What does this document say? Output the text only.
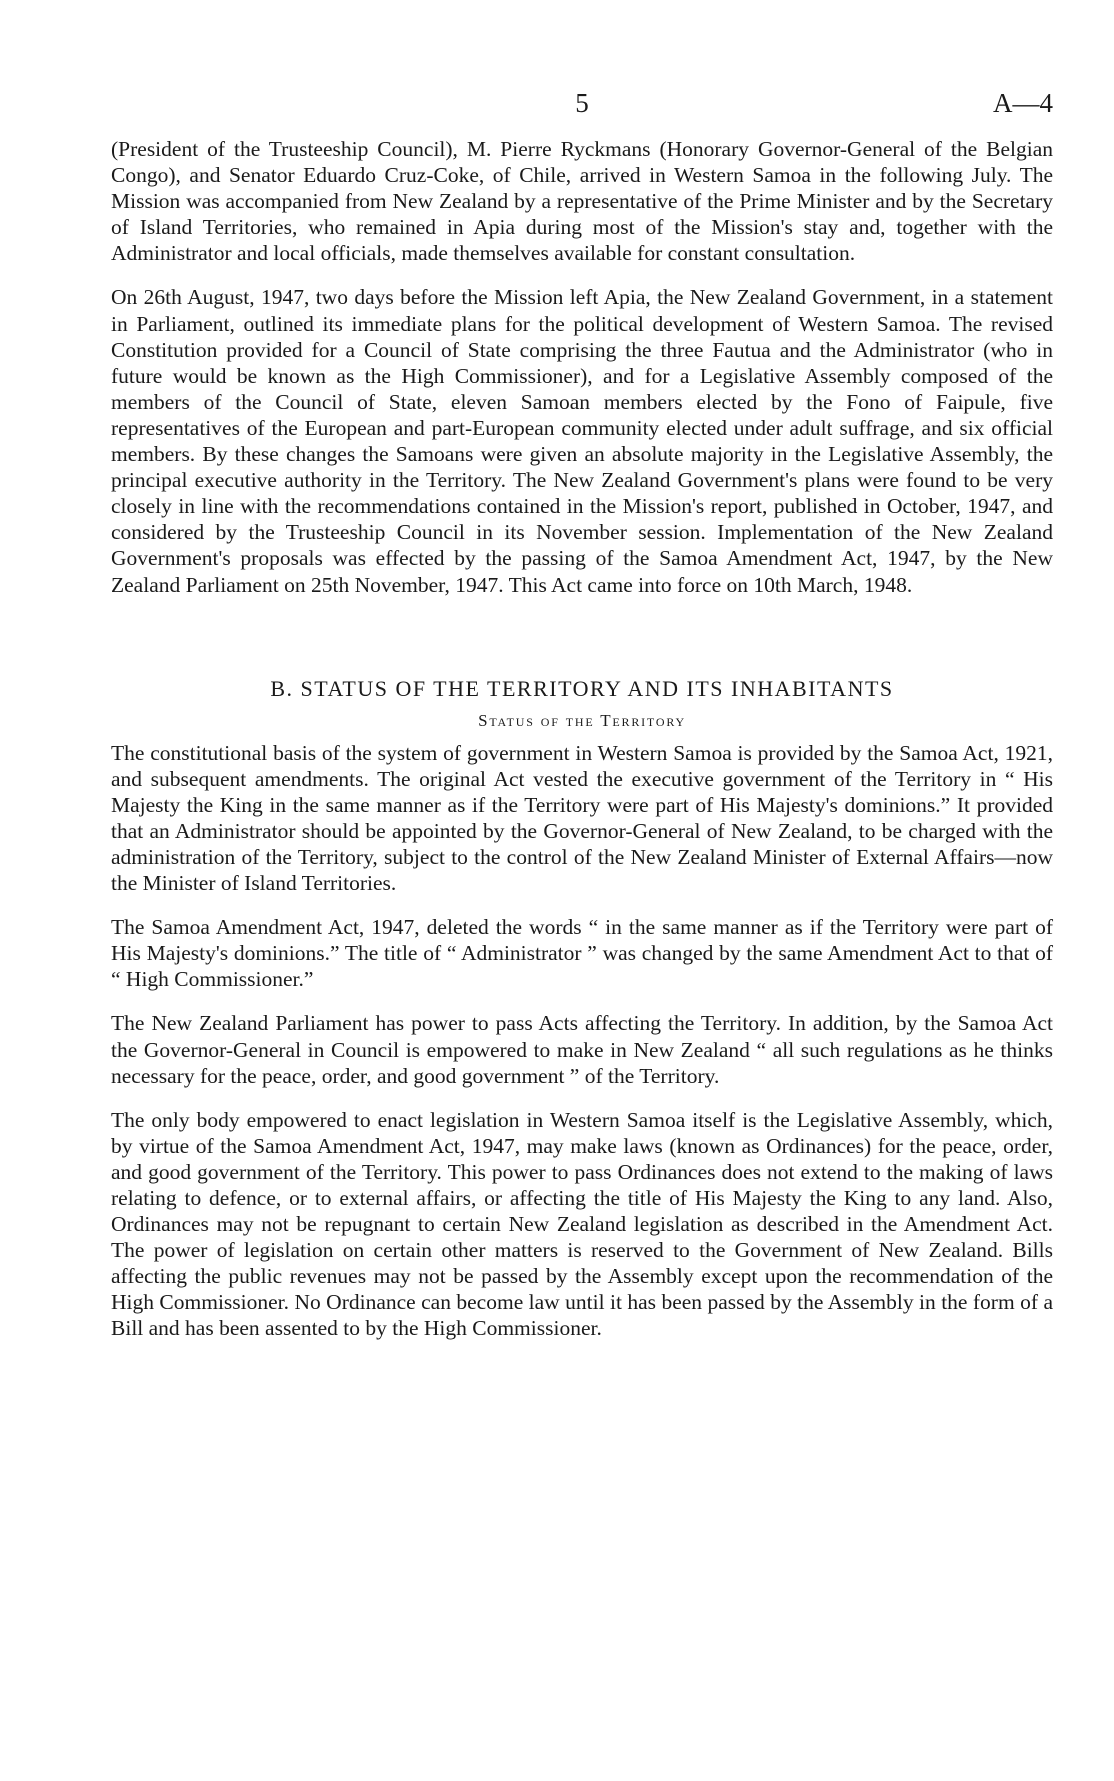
5	A—4

(President of the Trusteeship Council), M. Pierre Ryckmans (Honorary Governor-General of the Belgian Congo), and Senator Eduardo Cruz-Coke, of Chile, arrived in Western Samoa in the following July. The Mission was accompanied from New Zealand by a representative of the Prime Minister and by the Secretary of Island Territories, who remained in Apia during most of the Mission's stay and, together with the Administrator and local officials, made themselves available for constant consultation.

On 26th August, 1947, two days before the Mission left Apia, the New Zealand Government, in a statement in Parliament, outlined its immediate plans for the political development of Western Samoa. The revised Constitution provided for a Council of State comprising the three Fautua and the Administrator (who in future would be known as the High Commissioner), and for a Legislative Assembly composed of the members of the Council of State, eleven Samoan members elected by the Fono of Faipule, five representatives of the European and part-European community elected under adult suffrage, and six official members. By these changes the Samoans were given an absolute majority in the Legislative Assembly, the principal executive authority in the Territory. The New Zealand Government's plans were found to be very closely in line with the recommendations contained in the Mission's report, published in October, 1947, and considered by the Trusteeship Council in its November session. Implementation of the New Zealand Government's proposals was effected by the passing of the Samoa Amendment Act, 1947, by the New Zealand Parliament on 25th November, 1947. This Act came into force on 10th March, 1948.

B. STATUS OF THE TERRITORY AND ITS INHABITANTS
Status of the Territory

The constitutional basis of the system of government in Western Samoa is provided by the Samoa Act, 1921, and subsequent amendments. The original Act vested the executive government of the Territory in “ His Majesty the King in the same manner as if the Territory were part of His Majesty's dominions.” It provided that an Administrator should be appointed by the Governor-General of New Zealand, to be charged with the administration of the Territory, subject to the control of the New Zealand Minister of External Affairs—now the Minister of Island Territories.

The Samoa Amendment Act, 1947, deleted the words “ in the same manner as if the Territory were part of His Majesty's dominions.” The title of “ Administrator ” was changed by the same Amendment Act to that of “ High Commissioner.”

The New Zealand Parliament has power to pass Acts affecting the Territory. In addition, by the Samoa Act the Governor-General in Council is empowered to make in New Zealand “ all such regulations as he thinks necessary for the peace, order, and good government ” of the Territory.

The only body empowered to enact legislation in Western Samoa itself is the Legislative Assembly, which, by virtue of the Samoa Amendment Act, 1947, may make laws (known as Ordinances) for the peace, order, and good government of the Territory. This power to pass Ordinances does not extend to the making of laws relating to defence, or to external affairs, or affecting the title of His Majesty the King to any land. Also, Ordinances may not be repugnant to certain New Zealand legislation as described in the Amendment Act. The power of legislation on certain other matters is reserved to the Government of New Zealand. Bills affecting the public revenues may not be passed by the Assembly except upon the recommendation of the High Commissioner. No Ordinance can become law until it has been passed by the Assembly in the form of a Bill and has been assented to by the High Commissioner.
